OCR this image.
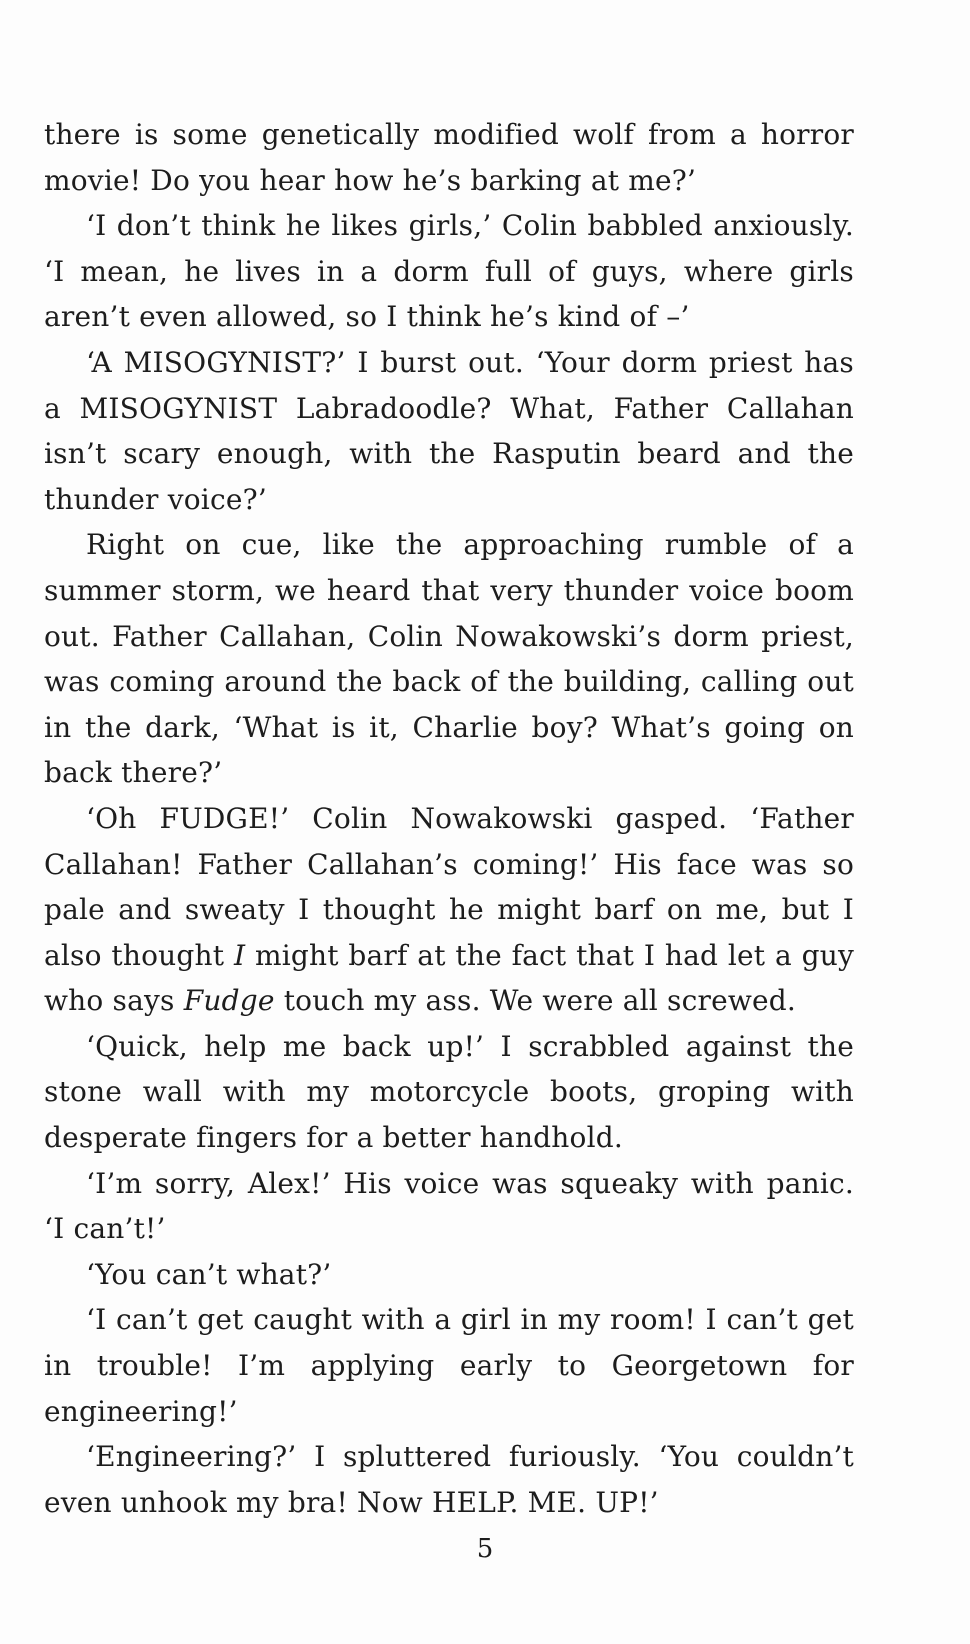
there is some genetically modified wolf from a horror movie! Do you hear how he’s barking at me?’

‘I don’t think he likes girls,’ Colin babbled anxiously. ‘I mean, he lives in a dorm full of guys, where girls aren’t even allowed, so I think he’s kind of –’

‘A MISOGYNIST?’ I burst out. ‘Your dorm priest has a MISOGYNIST Labradoodle? What, Father Callahan isn’t scary enough, with the Rasputin beard and the thunder voice?’

Right on cue, like the approaching rumble of a summer storm, we heard that very thunder voice boom out. Father Callahan, Colin Nowakowski’s dorm priest, was coming around the back of the building, calling out in the dark, ‘What is it, Charlie boy? What’s going on back there?’

‘Oh FUDGE!’ Colin Nowakowski gasped. ‘Father Callahan! Father Callahan’s coming!’ His face was so pale and sweaty I thought he might barf on me, but I also thought I might barf at the fact that I had let a guy who says Fudge touch my ass. We were all screwed.

‘Quick, help me back up!’ I scrabbled against the stone wall with my motorcycle boots, groping with desperate fingers for a better handhold.

‘I’m sorry, Alex!’ His voice was squeaky with panic. ‘I can’t!’

‘You can’t what?’

‘I can’t get caught with a girl in my room! I can’t get in trouble! I’m applying early to Georgetown for engineering!’

‘Engineering?’ I spluttered furiously. ‘You couldn’t even unhook my bra! Now HELP. ME. UP!’

5
